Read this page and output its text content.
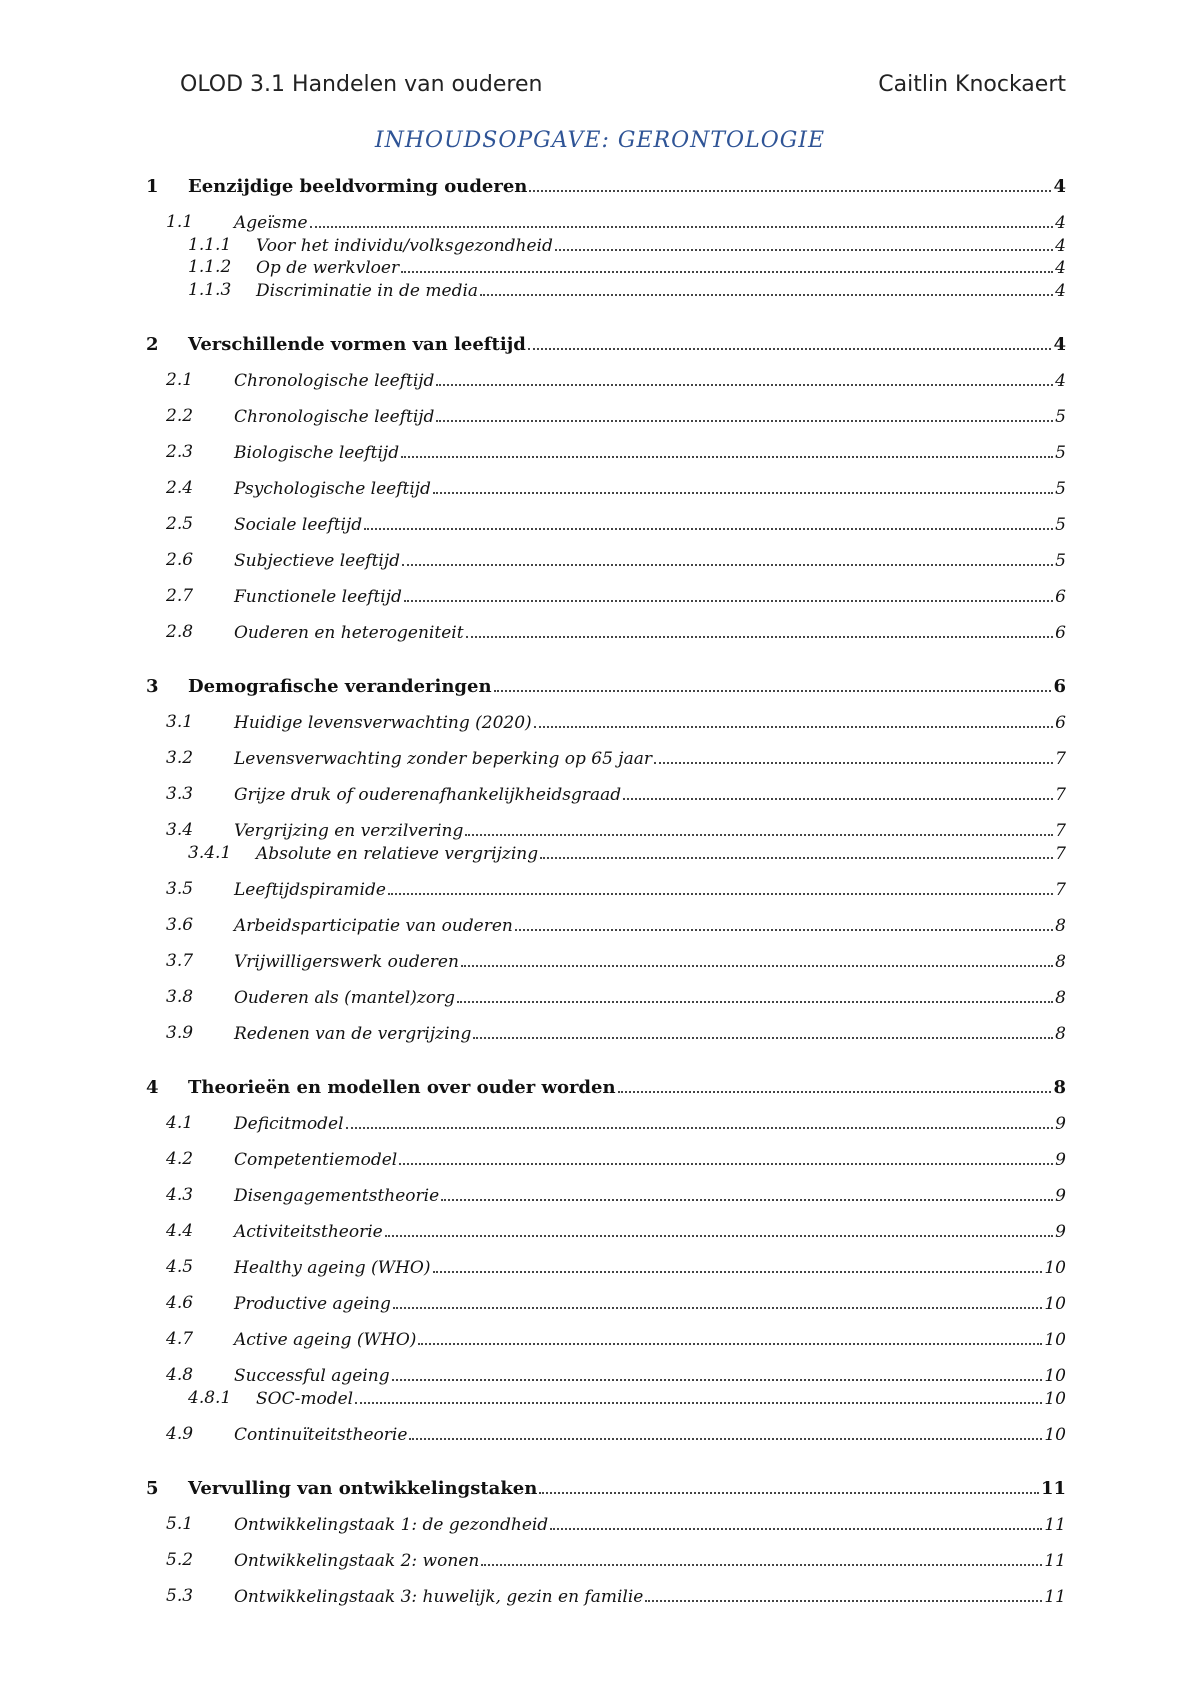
OLOD 3.1 Handelen van ouderen	Caitlin Knockaert
INHOUDSOPGAVE: GERONTOLOGIE
1 Eenzijdige beeldvorming ouderen	4
1.1 Ageïsme	4
1.1.1 Voor het individu/volksgezondheid	4
1.1.2 Op de werkvloer	4
1.1.3 Discriminatie in de media	4
2 Verschillende vormen van leeftijd	4
2.1 Chronologische leeftijd	4
2.2 Chronologische leeftijd	5
2.3 Biologische leeftijd	5
2.4 Psychologische leeftijd	5
2.5 Sociale leeftijd	5
2.6 Subjectieve leeftijd	5
2.7 Functionele leeftijd	6
2.8 Ouderen en heterogeniteit	6
3 Demografische veranderingen	6
3.1 Huidige levensverwachting (2020)	6
3.2 Levensverwachting zonder beperking op 65 jaar	7
3.3 Grijze druk of ouderenafhankelijkheidsgraad	7
3.4 Vergrijzing en verzilvering	7
3.4.1 Absolute en relatieve vergrijzing	7
3.5 Leeftijdspiramide	7
3.6 Arbeidsparticipatie van ouderen	8
3.7 Vrijwilligerswerk ouderen	8
3.8 Ouderen als (mantel)zorg	8
3.9 Redenen van de vergrijzing	8
4 Theorieën en modellen over ouder worden	8
4.1 Deficitmodel	9
4.2 Competentiemodel	9
4.3 Disengagementstheorie	9
4.4 Activiteitstheorie	9
4.5 Healthy ageing (WHO)	10
4.6 Productive ageing	10
4.7 Active ageing (WHO)	10
4.8 Successful ageing	10
4.8.1 SOC-model	10
4.9 Continuïteitstheorie	10
5 Vervulling van ontwikkelingstaken	11
5.1 Ontwikkelingstaak 1: de gezondheid	11
5.2 Ontwikkelingstaak 2: wonen	11
5.3 Ontwikkelingstaak 3: huwelijk, gezin en familie	11
